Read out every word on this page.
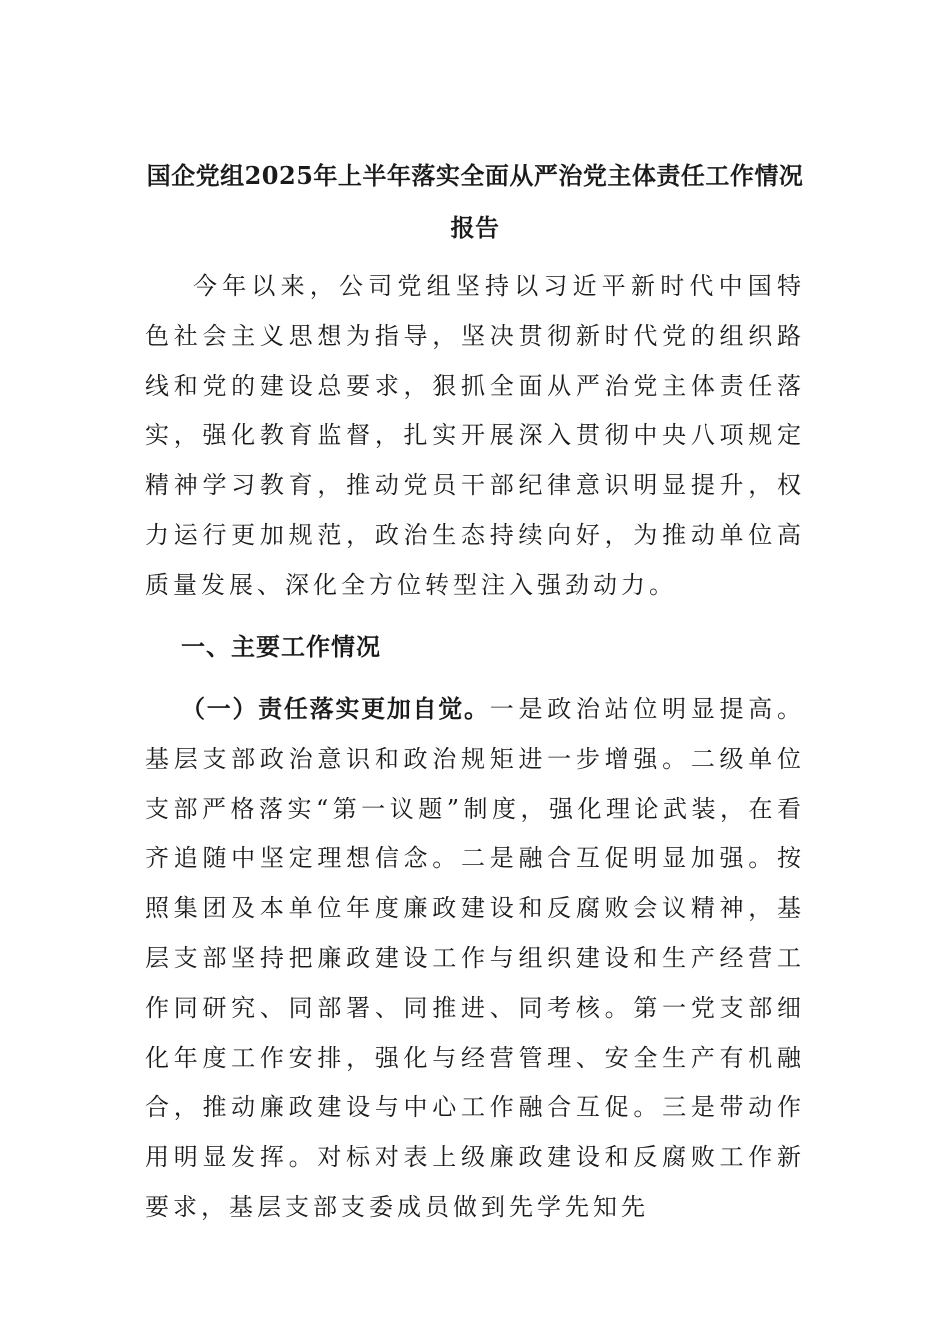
国企党组2025年上半年落实全面从严治党主体责任工作情况报告
今年以来，公司党组坚持以习近平新时代中国特色社会主义思想为指导，坚决贯彻新时代党的组织路线和党的建设总要求，狠抓全面从严治党主体责任落实，强化教育监督，扎实开展深入贯彻中央八项规定精神学习教育，推动党员干部纪律意识明显提升，权力运行更加规范，政治生态持续向好，为推动单位高质量发展、深化全方位转型注入强劲动力。
一、主要工作情况
（一）责任落实更加自觉。一是政治站位明显提高。基层支部政治意识和政治规矩进一步增强。二级单位支部严格落实“第一议题”制度，强化理论武装，在看齐追随中坚定理想信念。二是融合互促明显加强。按照集团及本单位年度廉政建设和反腐败会议精神，基层支部坚持把廉政建设工作与组织建设和生产经营工作同研究、同部署、同推进、同考核。第一党支部细化年度工作安排，强化与经营管理、安全生产有机融合，推动廉政建设与中心工作融合互促。三是带动作用明显发挥。对标对表上级廉政建设和反腐败工作新要求，基层支部支委成员做到先学先知先
